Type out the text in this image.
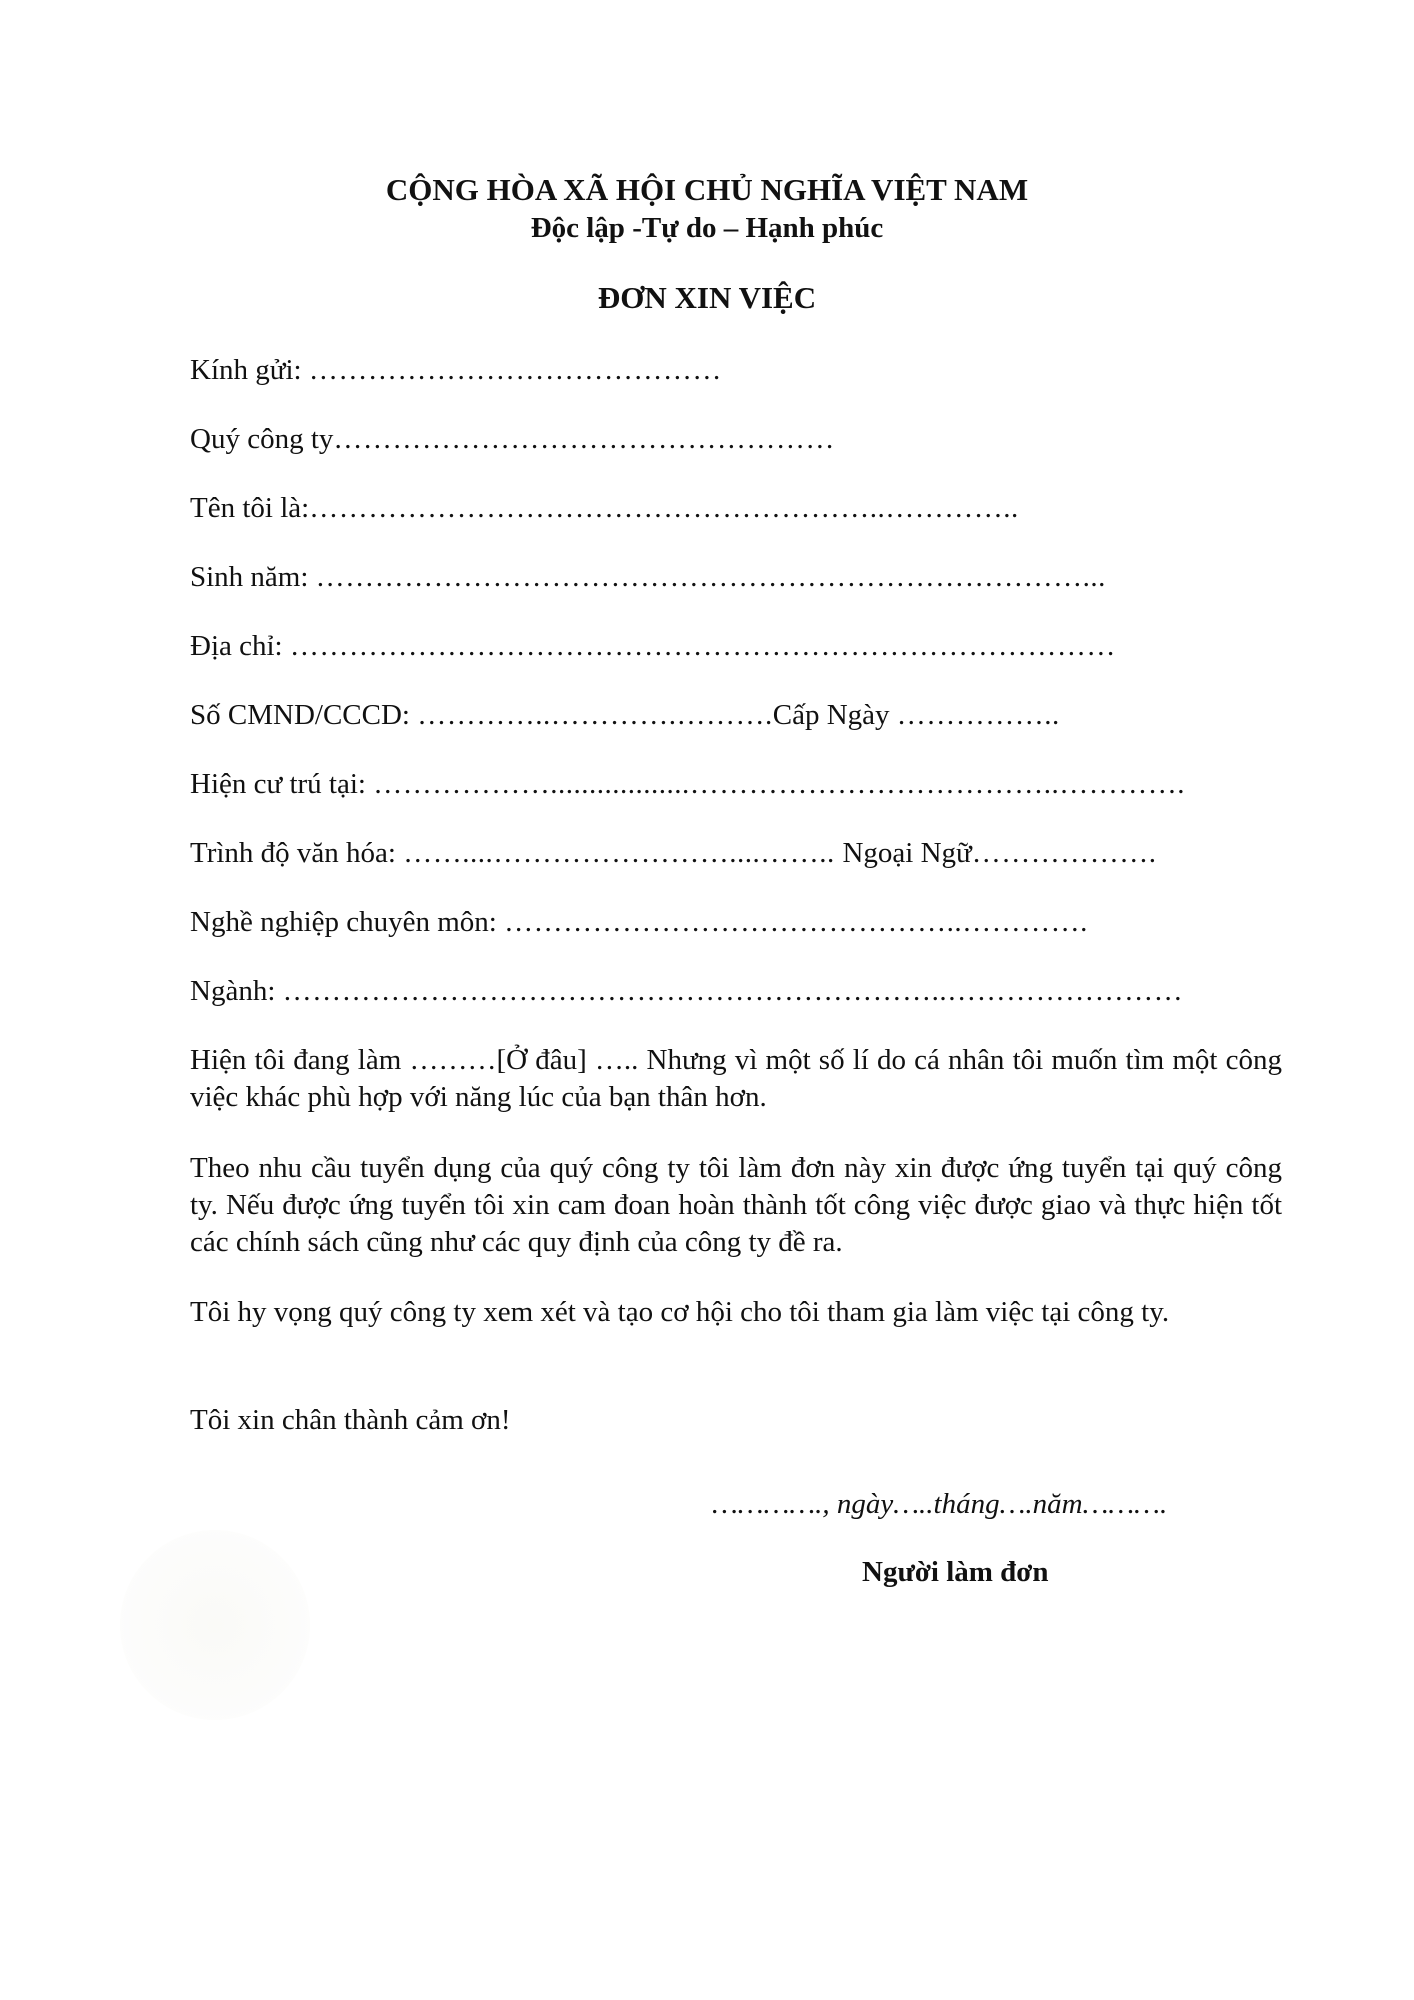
CỘNG HÒA XÃ HỘI CHỦ NGHĨA VIỆT NAM
Độc lập -Tự do – Hạnh phúc
ĐƠN XIN VIỆC
Kính gửi: ……………………………………
Quý công ty……………………………………………
Tên tôi là:…………………………………………………..…………..
Sinh năm: ……………………………………………………………………...
Địa chỉ: …………………………………………………………………………
Số CMND/CCCD: …………..………….……….Cấp Ngày ……………..
Hiện cư trú tại: ………………..................………………………………..………….
Trình độ văn hóa: ……....……………………....…….. Ngoại Ngữ……………….
Nghề nghiệp chuyên môn: ………………………………………..………….
Ngành: …………………………………………………………..……………………
Hiện tôi đang làm ………[Ở đâu] ….. Nhưng vì một số lí do cá nhân tôi muốn tìm một công việc khác phù hợp với năng lúc của bạn thân hơn.
Theo nhu cầu tuyển dụng của quý công ty tôi làm đơn này xin được ứng tuyển tại quý công ty. Nếu được ứng tuyển tôi xin cam đoan hoàn thành tốt công việc được giao và thực hiện tốt các chính sách cũng như các quy định của công ty đề ra.
Tôi hy vọng quý công ty xem xét và tạo cơ hội cho tôi tham gia làm việc tại công ty.
Tôi xin chân thành cảm ơn!
…………., ngày…..tháng….năm……….
Người làm đơn
